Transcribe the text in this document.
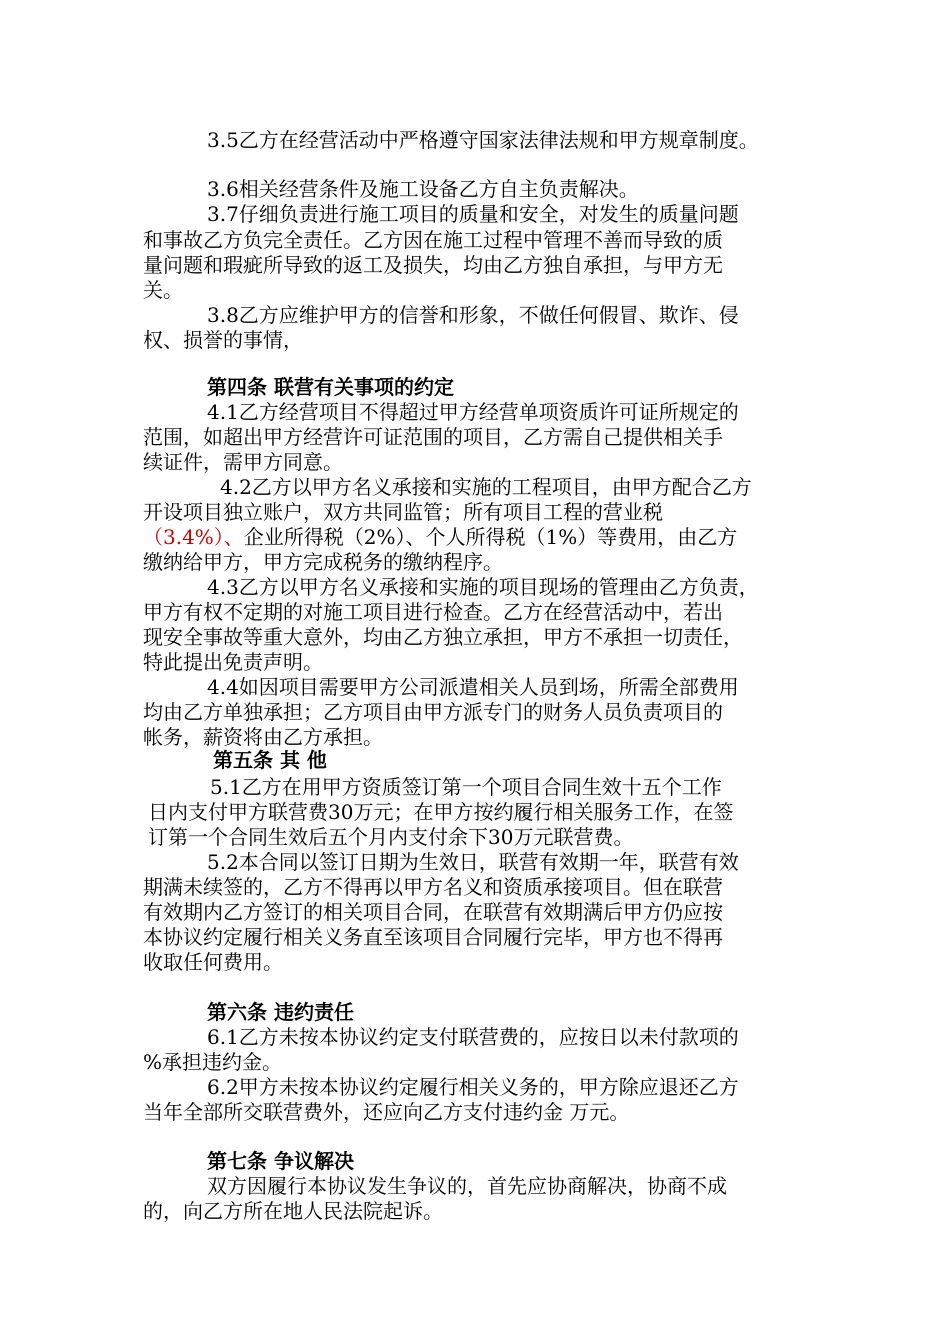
3.5乙方在经营活动中严格遵守国家法律法规和甲方规章制度。
3.6相关经营条件及施工设备乙方自主负责解决。
3.7仔细负责进行施工项目的质量和安全，对发生的质量问题
和事故乙方负完全责任。乙方因在施工过程中管理不善而导致的质
量问题和瑕疵所导致的返工及损失，均由乙方独自承担，与甲方无
关。
3.8乙方应维护甲方的信誉和形象，不做任何假冒、欺诈、侵
权、损誉的事情，
第四条 联营有关事项的约定
4.1乙方经营项目不得超过甲方经营单项资质许可证所规定的
范围，如超出甲方经营许可证范围的项目，乙方需自己提供相关手
续证件，需甲方同意。
4.2乙方以甲方名义承接和实施的工程项目，由甲方配合乙方
开设项目独立账户，双方共同监管；所有项目工程的营业税
（3.4%）、企业所得税（2%）、个人所得税（1%）等费用，由乙方
缴纳给甲方，甲方完成税务的缴纳程序。
4.3乙方以甲方名义承接和实施的项目现场的管理由乙方负责，
甲方有权不定期的对施工项目进行检查。乙方在经营活动中，若出
现安全事故等重大意外，均由乙方独立承担，甲方不承担一切责任，
特此提出免责声明。
4.4如因项目需要甲方公司派遣相关人员到场，所需全部费用
均由乙方单独承担；乙方项目由甲方派专门的财务人员负责项目的
帐务，薪资将由乙方承担。
第五条 其 他
5.1乙方在用甲方资质签订第一个项目合同生效十五个工作
日内支付甲方联营费30万元；在甲方按约履行相关服务工作，在签
订第一个合同生效后五个月内支付余下30万元联营费。
5.2本合同以签订日期为生效日，联营有效期一年，联营有效
期满未续签的，乙方不得再以甲方名义和资质承接项目。但在联营
有效期内乙方签订的相关项目合同，在联营有效期满后甲方仍应按
本协议约定履行相关义务直至该项目合同履行完毕，甲方也不得再
收取任何费用。
第六条 违约责任
6.1乙方未按本协议约定支付联营费的，应按日以未付款项的
%承担违约金。
6.2甲方未按本协议约定履行相关义务的，甲方除应退还乙方
当年全部所交联营费外，还应向乙方支付违约金 万元。
第七条 争议解决
双方因履行本协议发生争议的，首先应协商解决，协商不成
的，向乙方所在地人民法院起诉。
